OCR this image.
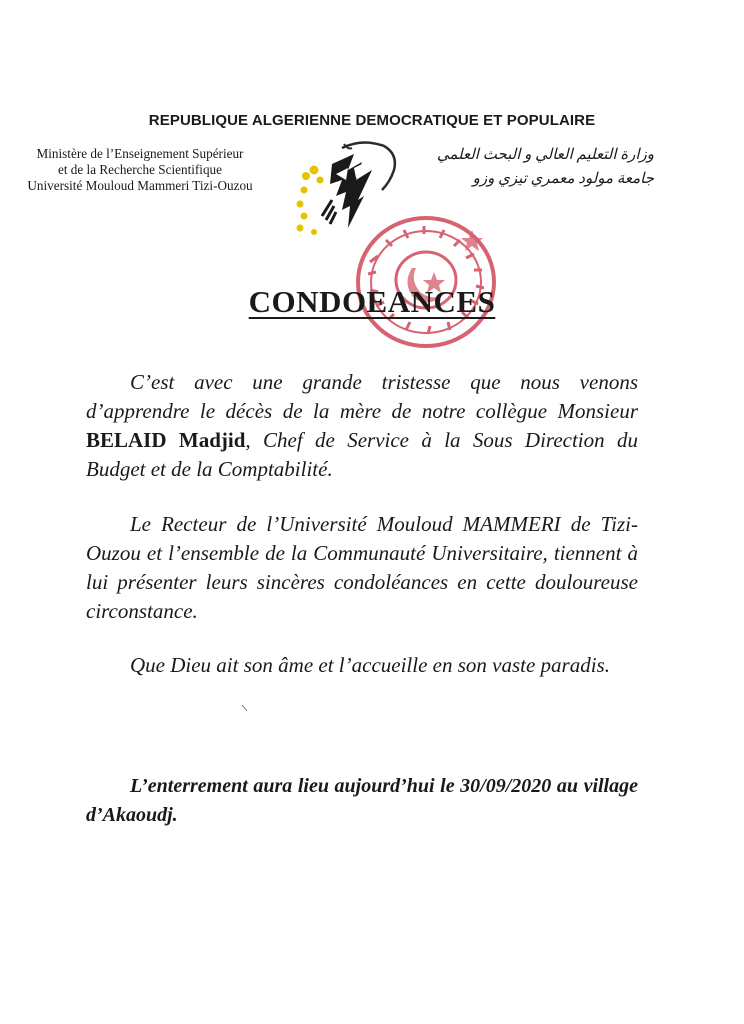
REPUBLIQUE ALGERIENNE DEMOCRATIQUE ET POPULAIRE
Ministère de l’Enseignement Supérieur
et de la Recherche Scientifique
Université Mouloud Mammeri Tizi-Ouzou
وزارة التعليم العالي و البحث العلمي
جامعة مولود معمري تيزي وزو
CONDOEANCES
C’est avec une grande tristesse que nous venons d’apprendre le décès de la mère de notre collègue Monsieur BELAID Madjid, Chef de Service à la Sous Direction du Budget et de la Comptabilité.
Le Recteur de l’Université Mouloud MAMMERI de Tizi-Ouzou et l’ensemble de la Communauté Universitaire, tiennent à lui présenter leurs sincères condoléances en cette douloureuse circonstance.
Que Dieu ait son âme et l’accueille en son vaste paradis.
L’enterrement aura lieu aujourd’hui le 30/09/2020 au village d’Akaoudj.
